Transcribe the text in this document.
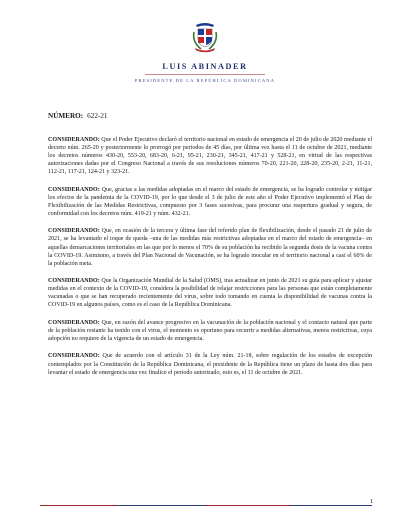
LUIS ABINADER
PRESIDENTE DE LA REPÚBLICA DOMINICANA
NÚMERO: 622-21

CONSIDERANDO: Que el Poder Ejecutivo declaró el territorio nacional en estado de emergencia el 20 de julio de 2020 mediante el decreto núm. 265-20 y posteriormente lo prorrogó por periodos de 45 días, por última vez hasta el 11 de octubre de 2021, mediante los decretos números 430-20, 553-20, 683-20, 6-21, 95-21, 230-21, 345-21, 417-21 y 528-21, en virtud de las respectivas autorizaciones dadas por el Congreso Nacional a través de sus resoluciones números 70-20, 221-20, 228-20, 235-20, 2-21, 11-21, 112-21, 117-21, 124-21 y 323-21.

CONSIDERANDO: Que, gracias a las medidas adoptadas en el marco del estado de emergencia, se ha logrado controlar y mitigar los efectos de la pandemia de la COVID-19, por lo que desde el 3 de julio de este año el Poder Ejecutivo implementó el Plan de Flexibilización de las Medidas Restrictivas, compuesto por 3 fases sucesivas, para procurar una reapertura gradual y segura, de conformidad con los decretos núm. 419-21 y núm. 432-21.

CONSIDERANDO: Que, en ocasión de la tercera y última fase del referido plan de flexibilización, desde el pasado 21 de julio de 2021, se ha levantado el toque de queda –una de las medidas más restrictivas adoptadas en el marco del estado de emergencia– en aquellas demarcaciones territoriales en las que por lo menos el 70% de su población ha recibido la segunda dosis de la vacuna contra la COVID-19. Asimismo, a través del Plan Nacional de Vacunación, se ha logrado inocular en el territorio nacional a casi el 60% de la población meta.

CONSIDERANDO: Que la Organización Mundial de la Salud (OMS), tras actualizar en junio de 2021 su guía para aplicar y ajustar medidas en el contexto de la COVID-19, considera la posibilidad de relajar restricciones para las personas que están completamente vacunadas o que se han recuperado recientemente del virus, sobre todo tomando en cuenta la disponibilidad de vacunas contra la COVID-19 en algunos países, como es el caso de la República Dominicana.

CONSIDERANDO: Que, en razón del avance progresivo en la vacunación de la población nacional y el contacto natural que parte de la población restante ha tenido con el virus, el momento es oportuno para recurrir a medidas alternativas, menos restrictivas, cuya adopción no requiere de la vigencia de un estado de emergencia.

CONSIDERANDO: Que de acuerdo con el artículo 31 de la Ley núm. 21-18, sobre regulación de los estados de excepción contemplados por la Constitución de la República Dominicana, el presidente de la República tiene un plazo de hasta dos días para levantar el estado de emergencia una vez finalice el periodo autorizado, esto es, el 11 de octubre de 2021.

1
